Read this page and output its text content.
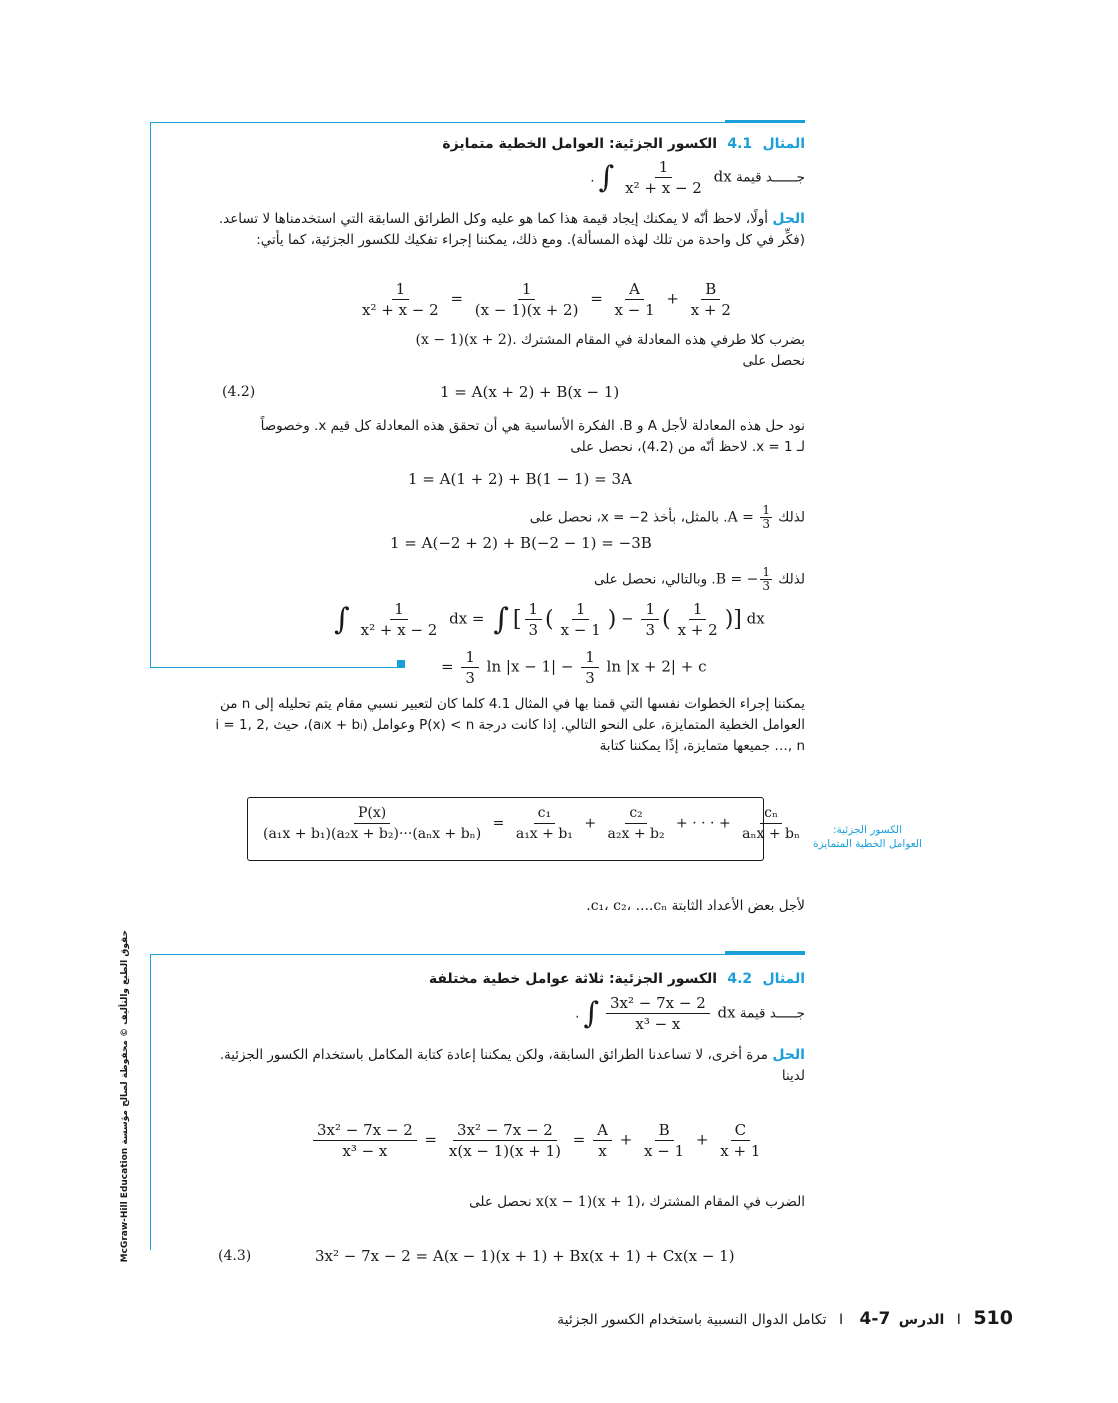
المثال 4.1 الكسور الجزئية: العوامل الخطية متمايزة
جــــــد قيمة ∫ $\frac{1}{\text{x² + x − 2}}$ dx.
الحل أولًا، لاحظ أنّه لا يمكنك إيجاد قيمة هذا كما هو عليه وكل الطرائق السابقة التي استخدمناها لا تساعد. (فكِّر في كل واحدة من تلك لهذه المسألة). ومع ذلك، يمكننا إجراء تفكيك للكسور الجزئية، كما يأتي:
$\frac{1}{\text{x² + x − 2}} = \frac{1}{(x - 1)(x + 2)} = \frac{A}{x - 1} + \frac{B}{x + 2}$
بضرب كلا طرفي هذه المعادلة في المقام المشترك (x − 1)(x + 2).
نحصل على
(4.2)	1 = A(x + 2) + B(x − 1)
نود حل هذه المعادلة لأجل A و B. الفكرة الأساسية هي أن تحقق هذه المعادلة كل قيم x. وخصوصاً لـ x = 1. لاحظ أنّه من (4.2)، نحصل على
1 = A(1 + 2) + B(1 − 1) = 3A
لذلك $A = \frac{1}{3}$
. بالمثل، بأخذ x = −2، نحصل على
1 = A(−2 + 2) + B(−2 − 1) = −3B
لذلك B = − $\frac{1}{3}$
. وبالتالي، نحصل على
∫ $\frac{1}{\text{x² + x − 2}}$ dx = ∫ [ $\frac{1}{3}$ ( $\frac{1}{x - 1}$ ) − $\frac{1}{3}$ ( $\frac{1}{x + 2}$ )] dx
= $\frac{1}{3}$ $\ln |x - 1| - \frac{1}{3}$ ln |x + 2| + c
يمكننا إجراء الخطوات نفسها التي قمنا بها في المثال 4.1 كلما كان لتعبير نسبي مقام يتم تحليله إلى n من العوامل الخطية المتمايزة، على النحو التالي. إذا كانت درجة P(x) < n وعوامل (aᵢx + bᵢ)، حيث i = 1, 2, …, n جميعها متمايزة، إذًا يمكننا كتابة
$\frac{P(x)}{\text{(a₁x + b₁)(a₂x + b₂)···(aₙx + bₙ)}} = \frac{\text{c₁}}{\text{a₁x + b₁}} + \frac{\text{c₂}}{\text{a₂x + b₂}}$ + · · · + $\frac{\text{cₙ}}{\text{aₙx + bₙ}}$	الكسور الجزئية:
العوامل الخطية المتمايزة
لأجل بعض الأعداد الثابتة c₁، c₂، ....cₙ.
المثال 4.2 الكسور الجزئية: ثلاثة عوامل خطية مختلفة
جـــــد قيمة ∫ $\frac{\text{3x² − 7x − 2}}{\text{x³ − x}}$ dx.
الحل مرة أخرى، لا تساعدنا الطرائق السابقة، ولكن يمكننا إعادة كتابة المكامل باستخدام الكسور الجزئية. لدينا
$\frac{\text{3x² − 7x − 2}}{\text{x³ − x}} = \frac{\text{3x² − 7x − 2}}{x(x - 1)(x + 1)} = \frac{A}{x} + \frac{B}{x - 1} + \frac{C}{x + 1}$
الضرب في المقام المشترك x(x − 1)(x + 1)، نحصل على
(4.3)	3x² − 7x − 2 = A(x − 1)(x + 1) + Bx(x + 1) + Cx(x − 1)
حقوق الطبع والتأليف © محفوظة لصالح مؤسسة McGraw-Hill Education
510 I الدرس 7-4 I تكامل الدوال النسبية باستخدام الكسور الجزئية
